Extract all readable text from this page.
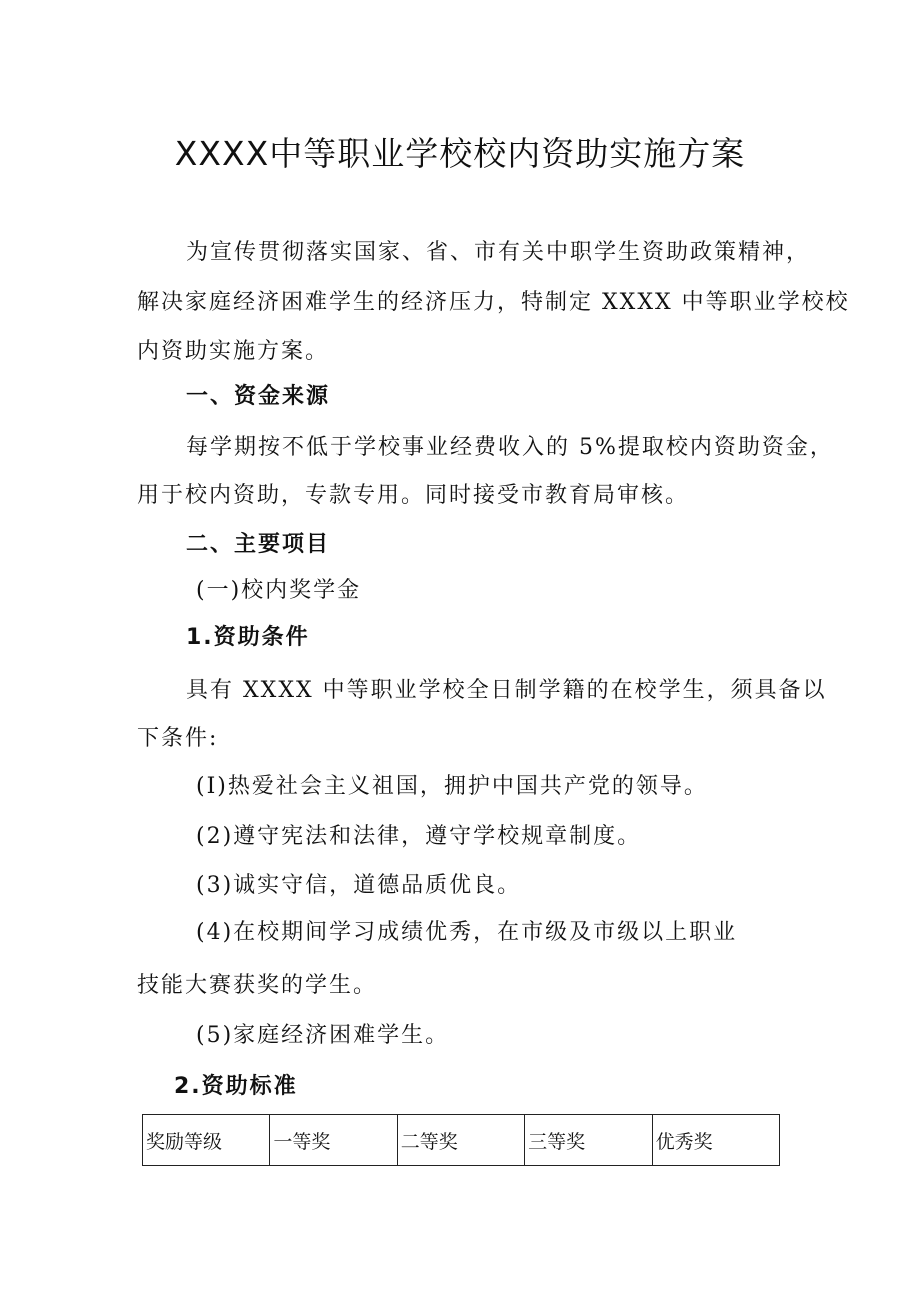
XXXX中等职业学校校内资助实施方案
为宣传贯彻落实国家、省、市有关中职学生资助政策精神，
解决家庭经济困难学生的经济压力，特制定 XXXX 中等职业学校校
内资助实施方案。
一、资金来源
每学期按不低于学校事业经费收入的 5%提取校内资助资金，
用于校内资助，专款专用。同时接受市教育局审核。
二、主要项目
(一)校内奖学金
1.资助条件
具有 XXXX 中等职业学校全日制学籍的在校学生，须具备以
下条件:
(I)热爱社会主义祖国，拥护中国共产党的领导。
(2)遵守宪法和法律，遵守学校规章制度。
(3)诚实守信，道德品质优良。
(4)在校期间学习成绩优秀，在市级及市级以上职业
技能大赛获奖的学生。
(5)家庭经济困难学生。
2.资助标准
奖励等级	一等奖	二等奖	三等奖	优秀奖
